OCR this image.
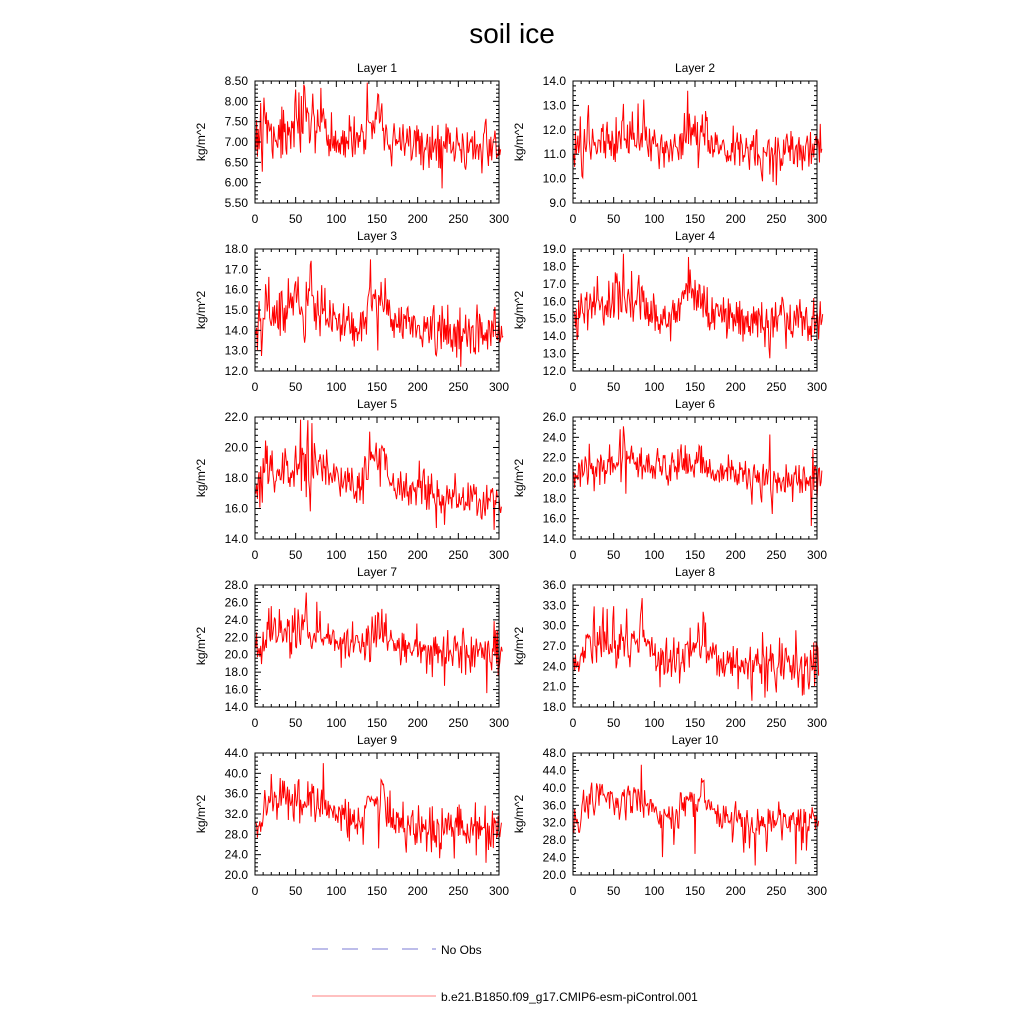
soil ice
Layer 1
0	50 100 150 200 250 300
5.50
6.00
6.50
7.00
7.50
8.00
8.50
kg/m^2
Layer 2
0	50 100 150 200 250 300
9.0
10.0
11.0
12.0
13.0
14.0
kg/m^2
Layer 3
0	50 100 150 200 250 300
12.0
13.0
14.0
15.0
16.0
17.0
18.0
kg/m^2
Layer 4
0	50 100 150 200 250 300
12.0
13.0
14.0
15.0
16.0
17.0
18.0
19.0
kg/m^2
Layer 5
0	50 100 150 200 250 300
14.0
16.0
18.0
20.0
22.0
kg/m^2
Layer 6
0	50 100 150 200 250 300
14.0
16.0
18.0
20.0
22.0
24.0
26.0
kg/m^2
Layer 7
0	50 100 150 200 250 300
14.0
16.0
18.0
20.0
22.0
24.0
26.0
28.0
kg/m^2
Layer 8
0	50 100 150 200 250 300
18.0
21.0
24.0
27.0
30.0
33.0
36.0
kg/m^2
Layer 9
0	50 100 150 200 250 300
20.0
24.0
28.0
32.0
36.0
40.0
44.0
kg/m^2
Layer 10
0	50 100 150 200 250 300
20.0
24.0
28.0
32.0
36.0
40.0
44.0
48.0
kg/m^2
No Obs
b.e21.B1850.f09_g17.CMIP6-esm-piControl.001
